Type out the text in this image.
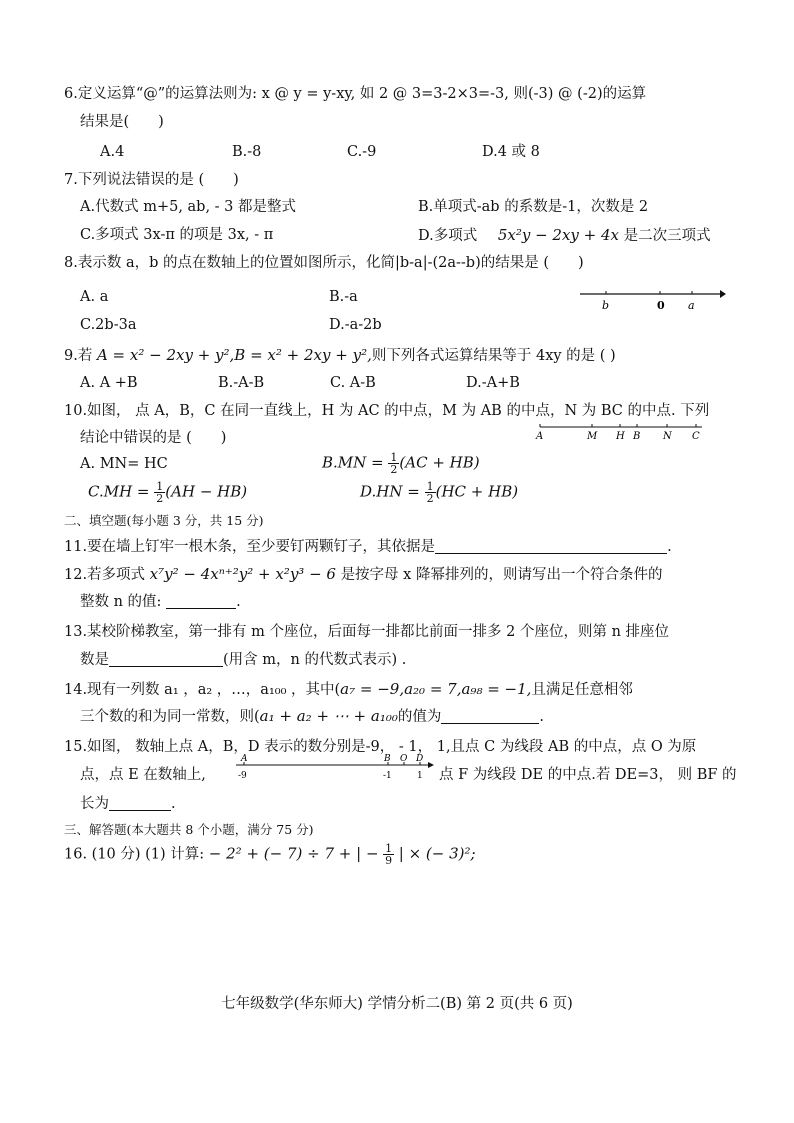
6.定义运算“@”的运算法则为: x @ y = y-xy, 如 2 @ 3=3-2×3=-3, 则(-3) @ (-2)的运算
结果是(　　)
A.4	B.-8	C.-9	D.4 或 8
7.下列说法错误的是 (　　)
A.代数式 m+5, ab, - 3 都是整式	B.单项式-ab 的系数是-1，次数是 2
C.多项式 3x-π 的项是 3x, - π	D.多项式 5x²y − 2xy + 4x 是二次三项式
8.表示数 a，b 的点在数轴上的位置如图所示，化简|b-a|-(2a--b)的结果是 (　　)
A. a	B.-a
C.2b-3a	D.-a-2b
b	0 a
9.若 A = x² − 2xy + y²,B = x² + 2xy + y²,则下列各式运算结果等于 4xy 的是 ( )
A. A +B	B.-A-B	C. A-B	D.-A+B
10.如图， 点 A，B，C 在同一直线上，H 为 AC 的中点，M 为 AB 的中点，N 为 BC 的中点. 下列
结论中错误的是 (　　)	A	M H B N C
A. MN= HC	$B.MN = \frac{1}{2} (AC + HB)$
$C.MH = \frac{1}{2} (AH - HB)$	$D.HN = \frac{1}{2} (HC + HB)$
二、填空题(每小题 3 分，共 15 分)
11.要在墙上钉牢一根木条，至少要钉两颗钉子，其依据是	.
12.若多项式 x⁷y² − 4xⁿ⁺²y² + x²y³ − 6 是按字母 x 降幂排列的，则请写出一个符合条件的
整数 n 的值:	.
13.某校阶梯教室，第一排有 m 个座位，后面每一排都比前面一排多 2 个座位，则第 n 排座位
数是	(用含 m，n 的代数式表示) .
14.现有一列数 a₁ ，a₂ ，…，a₁₀₀ ，其中(a₇ = −9,a₂₀ = 7,a₉₈ = −1,且满足任意相邻
三个数的和为同一常数，则(a₁ + a₂ + ⋯ + a₁₀₀的值为	.
15.如图， 数轴上点 A，B，D 表示的数分别是-9， - 1， 1,且点 C 为线段 AB 的中点，点 O 为原
点，点 E 在数轴上,
A	B O D
-9	-1	1 点 F 为线段 DE 的中点.若 DE=3， 则 BF 的
长为	.
三、解答题(本大题共 8 个小题，满分 75 分)
16. (10 分) (1) 计算: − 2² + (− 7) ÷ 7 + | − $\frac{1}{9}$ | × (− 3)²;
七年级数学(华东师大) 学情分析二(B) 第 2 页(共 6 页)
